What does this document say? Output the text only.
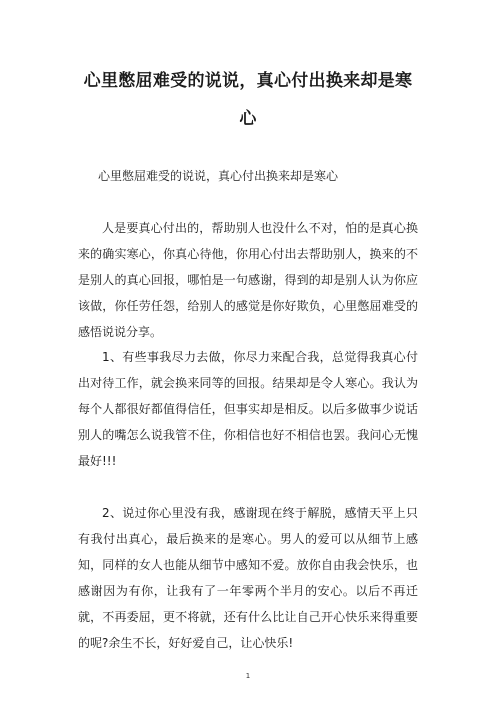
心里憋屈难受的说说，真心付出换来却是寒心

心里憋屈难受的说说，真心付出换来却是寒心

人是要真心付出的，帮助别人也没什么不对，怕的是真心换来的确实寒心，你真心待他，你用心付出去帮助别人，换来的不是别人的真心回报，哪怕是一句感谢，得到的却是别人认为你应该做，你任劳任怨，给别人的感觉是你好欺负，心里憋屈难受的感悟说说分享。

1、有些事我尽力去做，你尽力来配合我，总觉得我真心付出对待工作，就会换来同等的回报。结果却是令人寒心。我认为每个人都很好都值得信任，但事实却是相反。以后多做事少说话别人的嘴怎么说我管不住，你相信也好不相信也罢。我问心无愧最好!!!

2、说过你心里没有我，感谢现在终于解脱，感情天平上只有我付出真心，最后换来的是寒心。男人的爱可以从细节上感知，同样的女人也能从细节中感知不爱。放你自由我会快乐，也感谢因为有你，让我有了一年零两个半月的安心。以后不再迁就，不再委屈，更不将就，还有什么比让自己开心快乐来得重要的呢?余生不长，好好爱自己，让心快乐!

1
